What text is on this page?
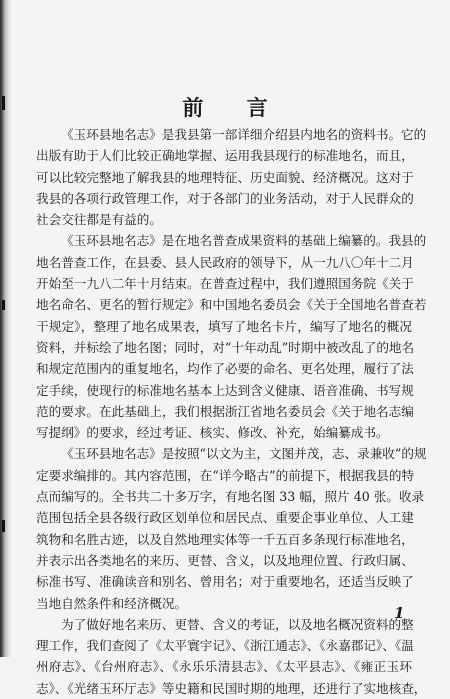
前 言
《玉环县地名志》是我县第一部详细介绍县内地名的资料书。它的
出版有助于人们比较正确地掌握、运用我县现行的标准地名，而且，
可以比较完整地了解我县的地理特征、历史面貌、经济概况。这对于
我县的各项行政管理工作，对于各部门的业务活动，对于人民群众的
社会交往都是有益的。
《玉环县地名志》是在地名普查成果资料的基础上编纂的。我县的
地名普查工作，在县委、县人民政府的领导下，从一九八〇年十二月
开始至一九八二年十月结束。在普查过程中，我们遵照国务院《关于
地名命名、更名的暂行规定》和中国地名委员会《关于全国地名普查若
干规定》，整理了地名成果表，填写了地名卡片，编写了地名的概况
资料，并标绘了地名图；同时，对“十年动乱”时期中被改乱了的地名
和规定范围内的重复地名，均作了必要的命名、更名处理，履行了法
定手续，使现行的标准地名基本上达到含义健康、语音准确、书写规
范的要求。在此基础上，我们根据浙江省地名委员会《关于地名志编
写提纲》的要求，经过考证、核实、修改、补充，始编纂成书。
《玉环县地名志》是按照“以文为主，文图并茂，志、录兼收”的规
定要求编排的。其内容范围，在“详今略古”的前提下，根据我县的特
点而编写的。全书共二十多万字，有地名图 33 幅，照片 40 张。收录
范围包括全县各级行政区划单位和居民点、重要企事业单位、人工建
筑物和名胜古迹，以及自然地理实体等一千五百多条现行标准地名，
并表示出各类地名的来历、更替、含义，以及地理位置、行政归属、
标准书写、准确读音和别名、曾用名；对于重要地名，还适当反映了
当地自然条件和经济概况。
为了做好地名来历、更替、含义的考证，以及地名概况资料的整
理工作，我们查阅了《太平寰宇记》、《浙江通志》、《永嘉郡记》、《温
州府志》、《台州府志》、《永乐乐清县志》、《太平县志》、《雍正玉环
志》、《光绪玉环厅志》等史籍和民国时期的地理，还进行了实地核查，
1
